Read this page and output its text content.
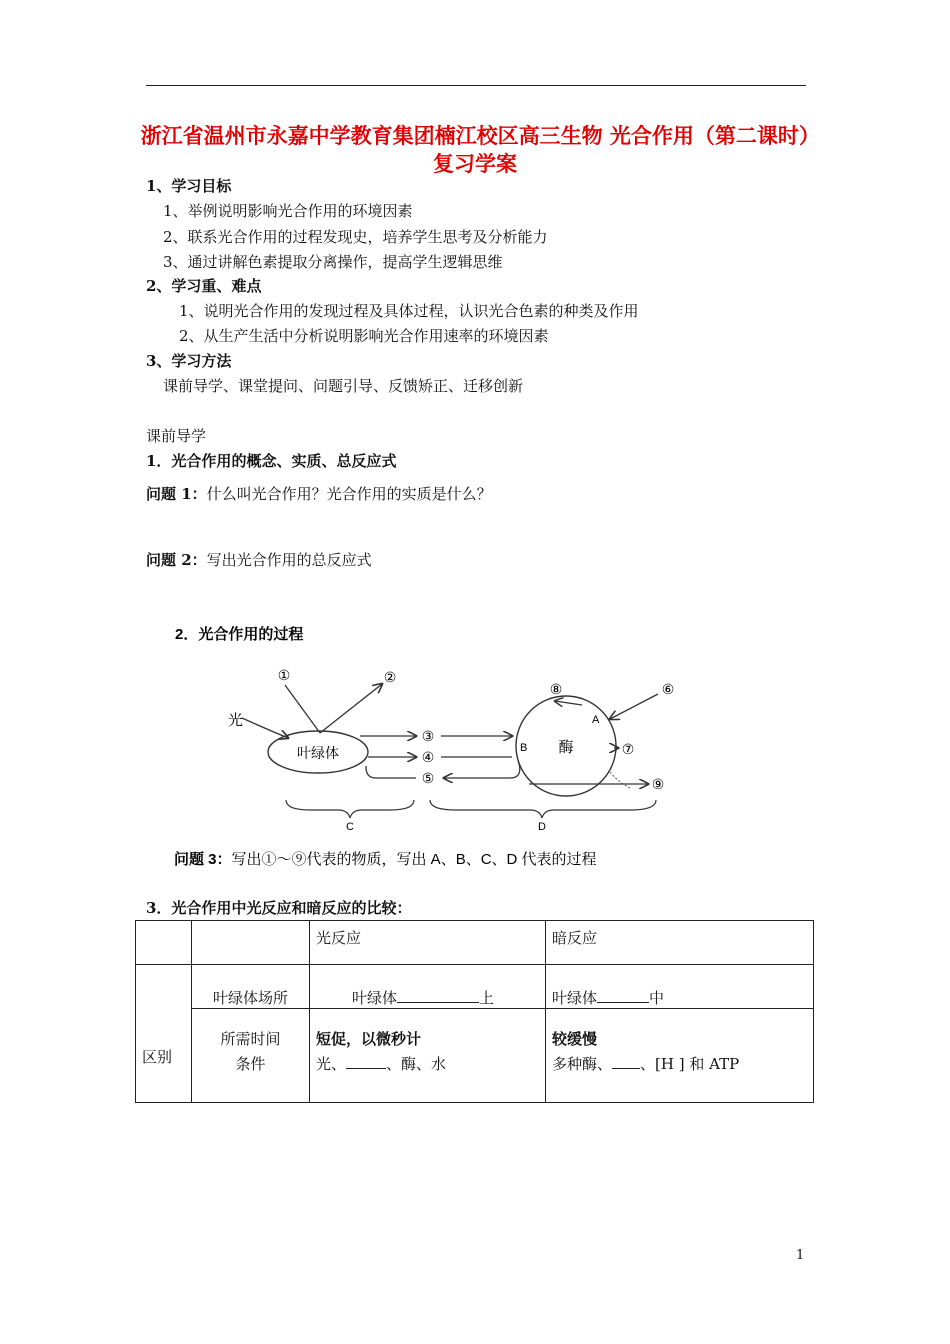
浙江省温州市永嘉中学教育集团楠江校区高三生物 光合作用（第二课时）复习学案
1、学习目标
1、举例说明影响光合作用的环境因素
2、联系光合作用的过程发现史，培养学生思考及分析能力
3、通过讲解色素提取分离操作，提高学生逻辑思维
2、学习重、难点
1、说明光合作用的发现过程及具体过程，认识光合色素的种类及作用
2、从生产生活中分析说明影响光合作用速率的环境因素
3、学习方法
课前导学、课堂提问、问题引导、反馈矫正、迁移创新
课前导学
1．光合作用的概念、实质、总反应式
问题 1：什么叫光合作用？光合作用的实质是什么？
问题 2：写出光合作用的总反应式
2．光合作用的过程
光
叶绿体
①	②
③
④
⑤
酶
B
A
⑧	⑥
⑦
⑨
C	D
问题 3：写出①～⑨代表的物质，写出 A、B、C、D 代表的过程
3．光合作用中光反应和暗反应的比较：
		光反应	暗反应
区别	叶绿体场所	叶绿体 上	叶绿体 中
	所需时间	短促，以微秒计	较缓慢
	条件	光、 、酶、水	多种酶、 、[H ] 和 ATP
1
